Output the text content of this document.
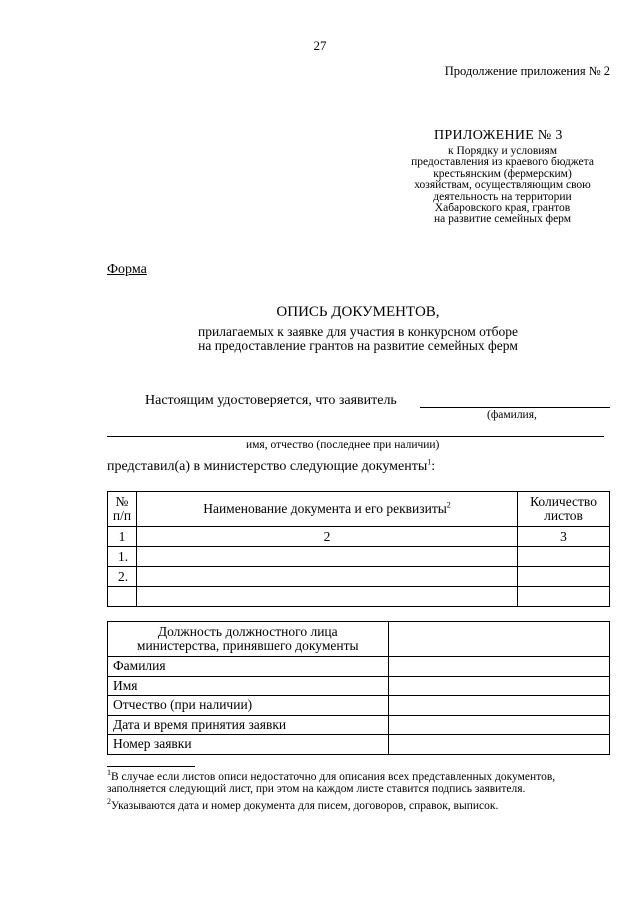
27
Продолжение приложения № 2
ПРИЛОЖЕНИЕ № 3
к Порядку и условиям
предоставления из краевого бюджета
крестьянским (фермерским)
хозяйствам, осуществляющим свою
деятельность на территории
Хабаровского края, грантов
на развитие семейных ферм
Форма
ОПИСЬ ДОКУМЕНТОВ,
прилагаемых к заявке для участия в конкурсном отборе
на предоставление грантов на развитие семейных ферм
Настоящим удостоверяется, что заявитель
(фамилия,
имя, отчество (последнее при наличии)
представил(а) в министерство следующие документы$^1$:
№
п/п	Наименование документа и его реквизиты$^2$	Количество
листов
1	2	3
1.		
2.		

Должность должностного лица
министерства, принявшего документы	
Фамилия	
Имя	
Отчество (при наличии)	
Дата и время принятия заявки	
Номер заявки	
$^1$В случае если листов описи недостаточно для описания всех представленных документов, заполняется следующий лист, при этом на каждом листе ставится подпись заявителя.
$^2$Указываются дата и номер документа для писем, договоров, справок, выписок.
